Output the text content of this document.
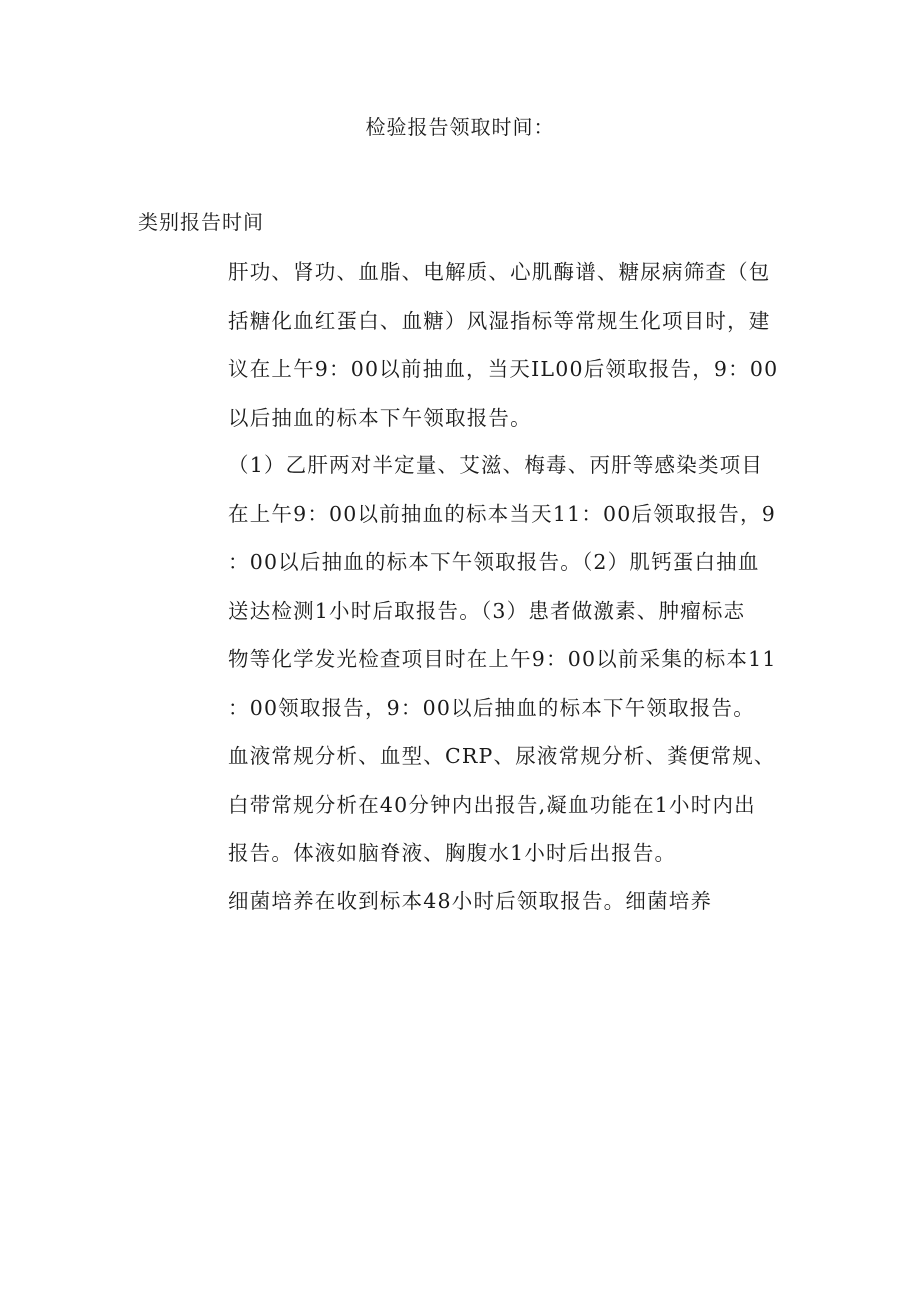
检验报告领取时间：
类别报告时间
肝功、肾功、血脂、电解质、心肌酶谱、糖尿病筛查（包
括糖化血红蛋白、血糖）风湿指标等常规生化项目时，建
议在上午9：00以前抽血，当天IL00后领取报告，9：00
以后抽血的标本下午领取报告。
（1）乙肝两对半定量、艾滋、梅毒、丙肝等感染类项目
在上午9：00以前抽血的标本当天11：00后领取报告，9
：00以后抽血的标本下午领取报告。（2）肌钙蛋白抽血
送达检测1小时后取报告。（3）患者做激素、肿瘤标志
物等化学发光检查项目时在上午9：00以前采集的标本11
：00领取报告，9：00以后抽血的标本下午领取报告。
血液常规分析、血型、CRP、尿液常规分析、粪便常规、
白带常规分析在40分钟内出报告,凝血功能在1小时内出
报告。体液如脑脊液、胸腹水1小时后出报告。
细菌培养在收到标本48小时后领取报告。细菌培养
